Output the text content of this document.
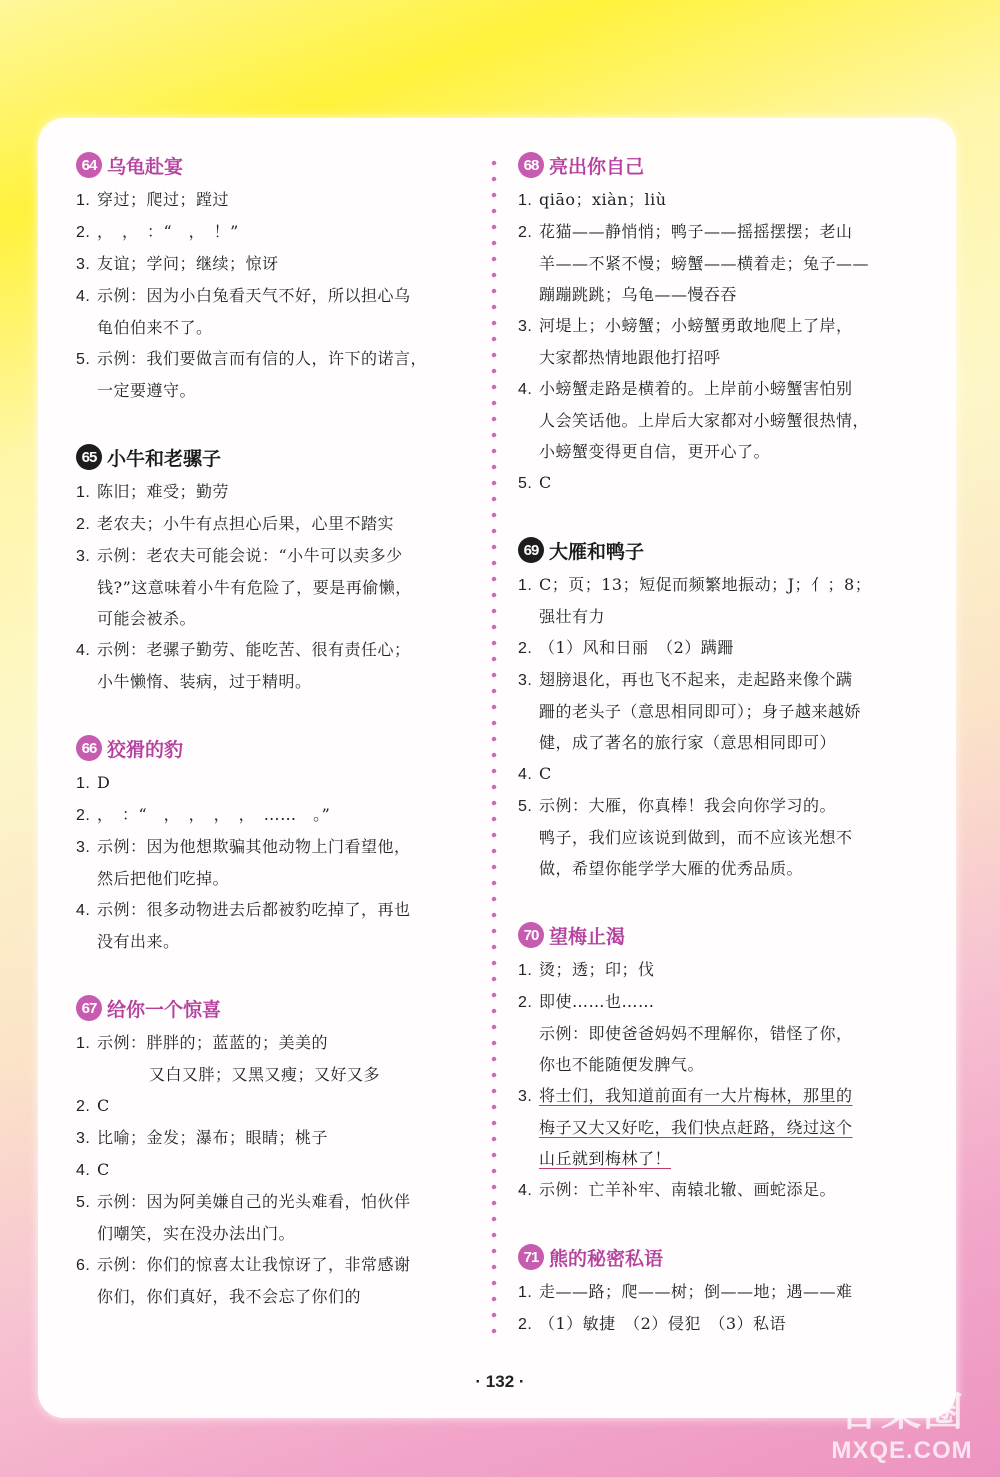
64 乌龟赴宴
1. 穿过；爬过；蹚过
2. ，　，　：“　，　！”
3. 友谊；学问；继续；惊讶
4. 示例：因为小白兔看天气不好，所以担心乌
龟伯伯来不了。
5. 示例：我们要做言而有信的人，许下的诺言，
一定要遵守。
65 小牛和老骡子
1. 陈旧；难受；勤劳
2. 老农夫；小牛有点担心后果，心里不踏实
3. 示例：老农夫可能会说：“小牛可以卖多少
钱?”这意味着小牛有危险了，要是再偷懒，
可能会被杀。
4. 示例：老骡子勤劳、能吃苦、很有责任心；
小牛懒惰、装病，过于精明。
66 狡猾的豹
1. D
2. ，　：“　，　，　，　，　……　。”
3. 示例：因为他想欺骗其他动物上门看望他，
然后把他们吃掉。
4. 示例：很多动物进去后都被豹吃掉了，再也
没有出来。
67 给你一个惊喜
1. 示例：胖胖的；蓝蓝的；美美的
又白又胖；又黑又瘦；又好又多
2. C
3. 比喻；金发；瀑布；眼睛；桃子
4. C
5. 示例：因为阿美嫌自己的光头难看，怕伙伴
们嘲笑，实在没办法出门。
6. 示例：你们的惊喜太让我惊讶了，非常感谢
你们，你们真好，我不会忘了你们的
68 亮出你自己
1. qiāo；xiàn；liù
2. 花猫——静悄悄；鸭子——摇摇摆摆；老山
羊——不紧不慢；螃蟹——横着走；兔子——
蹦蹦跳跳；乌龟——慢吞吞
3. 河堤上；小螃蟹；小螃蟹勇敢地爬上了岸，
大家都热情地跟他打招呼
4. 小螃蟹走路是横着的。上岸前小螃蟹害怕别
人会笑话他。上岸后大家都对小螃蟹很热情，
小螃蟹变得更自信，更开心了。
5. C
69 大雁和鸭子
1. C；页；13；短促而频繁地振动；J；亻；8；
强壮有力
2. （1）风和日丽　（2）蹒跚
3. 翅膀退化，再也飞不起来，走起路来像个蹒
跚的老头子（意思相同即可）；身子越来越娇
健，成了著名的旅行家（意思相同即可）
4. C
5. 示例：大雁，你真棒！我会向你学习的。
鸭子，我们应该说到做到，而不应该光想不
做，希望你能学学大雁的优秀品质。
70 望梅止渴
1. 烫；透；印；伐
2. 即使……也……
示例：即使爸爸妈妈不理解你，错怪了你，
你也不能随便发脾气。
3. 将士们，我知道前面有一大片梅林，那里的
梅子又大又好吃，我们快点赶路，绕过这个
山丘就到梅林了！
4. 示例：亡羊补牢、南辕北辙、画蛇添足。
71 熊的秘密私语
1. 走——路；爬——树；倒——地；遇——难
2. （1）敏捷　（2）侵犯　（3）私语
· 132 ·
答案圈
MXQE.COM
